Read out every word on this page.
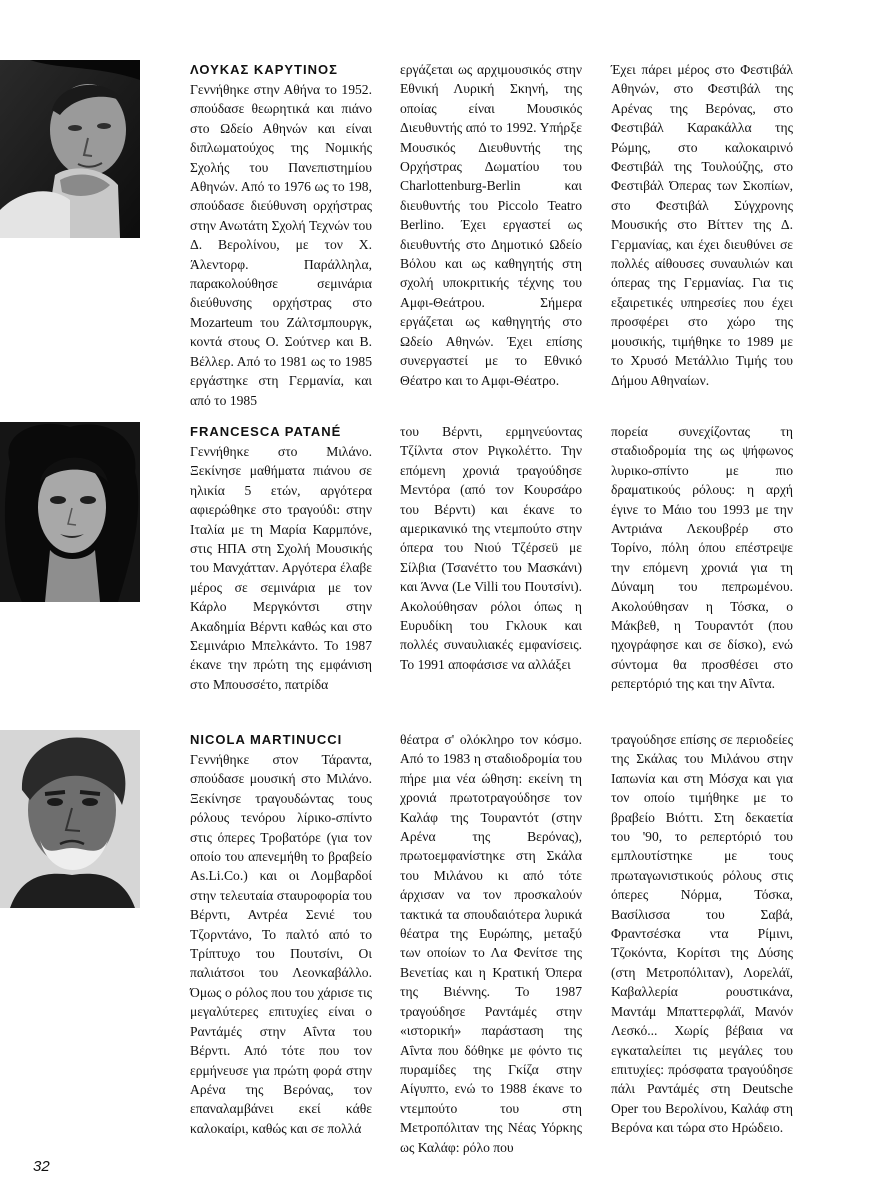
ΛΟΥΚΑΣ ΚΑΡΥΤΙΝΟΣ

Γεννήθηκε στην Αθήνα το 1952. σπούδασε θεωρητικά και πιάνο στο Ωδείο Αθηνών και είναι διπλωματούχος της Νομικής Σχολής του Πανεπιστημίου Αθηνών. Από το 1976 ως το 198, σπούδασε διεύθυνση ορχήστρας στην Ανωτάτη Σχολή Τεχνών του Δ. Βερολίνου, με τον Χ. Άλεντορφ. Παράλληλα, παρακολούθησε σεμινάρια διεύθυνσης ορχήστρας στο Mozarteum του Ζάλτσμπουργκ, κοντά στους Ο. Σούτνερ και Β. Βέλλερ. Από το 1981 ως το 1985 εργάστηκε στη Γερμανία, και από το 1985

εργάζεται ως αρχιμουσικός στην Εθνική Λυρική Σκηνή, της οποίας είναι Μουσικός Διευθυντής από το 1992. Υπήρξε Μουσικός Διευθυντής της Ορχήστρας Δωματίου του Charlottenburg-Berlin και διευθυντής του Piccolo Teatro Berlino. Έχει εργαστεί ως διευθυντής στο Δημοτικό Ωδείο Βόλου και ως καθηγητής στη σχολή υποκριτικής τέχνης του Αμφι-Θεάτρου. Σήμερα εργάζεται ως καθηγητής στο Ωδείο Αθηνών. Έχει επίσης συνεργαστεί με το Εθνικό Θέατρο και το Αμφι-Θέατρο.

Έχει πάρει μέρος στο Φεστιβάλ Αθηνών, στο Φεστιβάλ της Αρένας της Βερόνας, στο Φεστιβάλ Καρακάλλα της Ρώμης, στο καλοκαιρινό Φεστιβάλ της Τουλούζης, στο Φεστιβάλ Όπερας των Σκοπίων, στο Φεστιβάλ Σύγχρονης Μουσικής στο Βίττεν της Δ. Γερμανίας, και έχει διευθύνει σε πολλές αίθουσες συναυλιών και όπερας της Γερμανίας. Για τις εξαιρετικές υπηρεσίες που έχει προσφέρει στο χώρο της μουσικής, τιμήθηκε το 1989 με το Χρυσό Μετάλλιο Τιμής του Δήμου Αθηναίων.

FRANCESCA PATANÉ

Γεννήθηκε στο Μιλάνο. Ξεκίνησε μαθήματα πιάνου σε ηλικία 5 ετών, αργότερα αφιερώθηκε στο τραγούδι: στην Ιταλία με τη Μαρία Καρμπόνε, στις ΗΠΑ στη Σχολή Μουσικής του Μανχάτταν. Αργότερα έλαβε μέρος σε σεμινάρια με τον Κάρλο Μεργκόντσι στην Ακαδημία Βέρντι καθώς και στο Σεμινάριο Μπελκάντο. Το 1987 έκανε την πρώτη της εμφάνιση στο Μπουσσέτο, πατρίδα

του Βέρντι, ερμηνεύοντας Τζίλντα στον Ριγκολέττο. Την επόμενη χρονιά τραγούδησε Μεντόρα (από τον Κουρσάρο του Βέρντι) και έκανε το αμερικανικό της ντεμπούτο στην όπερα του Νιού Τζέρσεϋ με Σίλβια (Τσανέττο του Μασκάνι) και Άννα (Le Villi του Πουτσίνι). Ακολούθησαν ρόλοι όπως η Ευρυδίκη του Γκλουκ και πολλές συναυλιακές εμφανίσεις. Το 1991 αποφάσισε να αλλάξει

πορεία συνεχίζοντας τη σταδιοδρομία της ως ψήφωνος λυρικο-σπίντο με πιο δραματικούς ρόλους: η αρχή έγινε το Μάιο του 1993 με την Αντριάνα Λεκουβρέρ στο Τορίνο, πόλη όπου επέστρεψε την επόμενη χρονιά για τη Δύναμη του πεπρωμένου. Ακολούθησαν η Τόσκα, ο Μάκβεθ, η Τουραντότ (που ηχογράφησε και σε δίσκο), ενώ σύντομα θα προσθέσει στο ρεπερτόριό της και την Αΐντα.

NICOLA MARTINUCCI

Γεννήθηκε στον Τάραντα, σπούδασε μουσική στο Μιλάνο. Ξεκίνησε τραγουδώντας τους ρόλους τενόρου λίρικο-σπίντο στις όπερες Τροβατόρε (για τον οποίο του απενεμήθη το βραβείο As.Li.Co.) και οι Λομβαρδοί στην τελευταία σταυροφορία του Βέρντι, Αντρέα Σενιέ του Τζορντάνο, Το παλτό από το Τρίπτυχο του Πουτσίνι, Οι παλιάτσοι του Λεονκαβάλλο. Όμως ο ρόλος που του χάρισε τις μεγαλύτερες επιτυχίες είναι ο Ραντάμές στην Αΐντα του Βέρντι. Από τότε που τον ερμήνευσε για πρώτη φορά στην Αρένα της Βερόνας, τον επαναλαμβάνει εκεί κάθε καλοκαίρι, καθώς και σε πολλά

θέατρα σ' ολόκληρο τον κόσμο. Από το 1983 η σταδιοδρομία του πήρε μια νέα ώθηση: εκείνη τη χρονιά πρωτοτραγούδησε τον Καλάφ της Τουραντότ (στην Αρένα της Βερόνας), πρωτοεμφανίστηκε στη Σκάλα του Μιλάνου κι από τότε άρχισαν να τον προσκαλούν τακτικά τα σπουδαιότερα λυρικά θέατρα της Ευρώπης, μεταξύ των οποίων το Λα Φενίτσε της Βενετίας και η Κρατική Όπερα της Βιέννης. Το 1987 τραγούδησε Ραντάμές στην «ιστορική» παράσταση της Αΐντα που δόθηκε με φόντο τις πυραμίδες της Γκίζα στην Αίγυπτο, ενώ το 1988 έκανε το ντεμπούτο του στη Μετροπόλιταν της Νέας Υόρκης ως Καλάφ: ρόλο που

τραγούδησε επίσης σε περιοδείες της Σκάλας του Μιλάνου στην Ιαπωνία και στη Μόσχα και για τον οποίο τιμήθηκε με το βραβείο Βιόττι. Στη δεκαετία του '90, το ρεπερτόριό του εμπλουτίστηκε με τους πρωταγωνιστικούς ρόλους στις όπερες Νόρμα, Τόσκα, Βασίλισσα του Σαβά, Φραντσέσκα ντα Ρίμινι, Τζοκόντα, Κορίτσι της Δύσης (στη Μετροπόλιταν), Λορελάϊ, Καβαλλερία ρουστικάνα, Μαντάμ Μπαττερφλάϊ, Μανόν Λεσκό... Χωρίς βέβαια να εγκαταλείπει τις μεγάλες του επιτυχίες: πρόσφατα τραγούδησε πάλι Ραντάμές στη Deutsche Oper του Βερολίνου, Καλάφ στη Βερόνα και τώρα στο Ηρώδειο.

32
